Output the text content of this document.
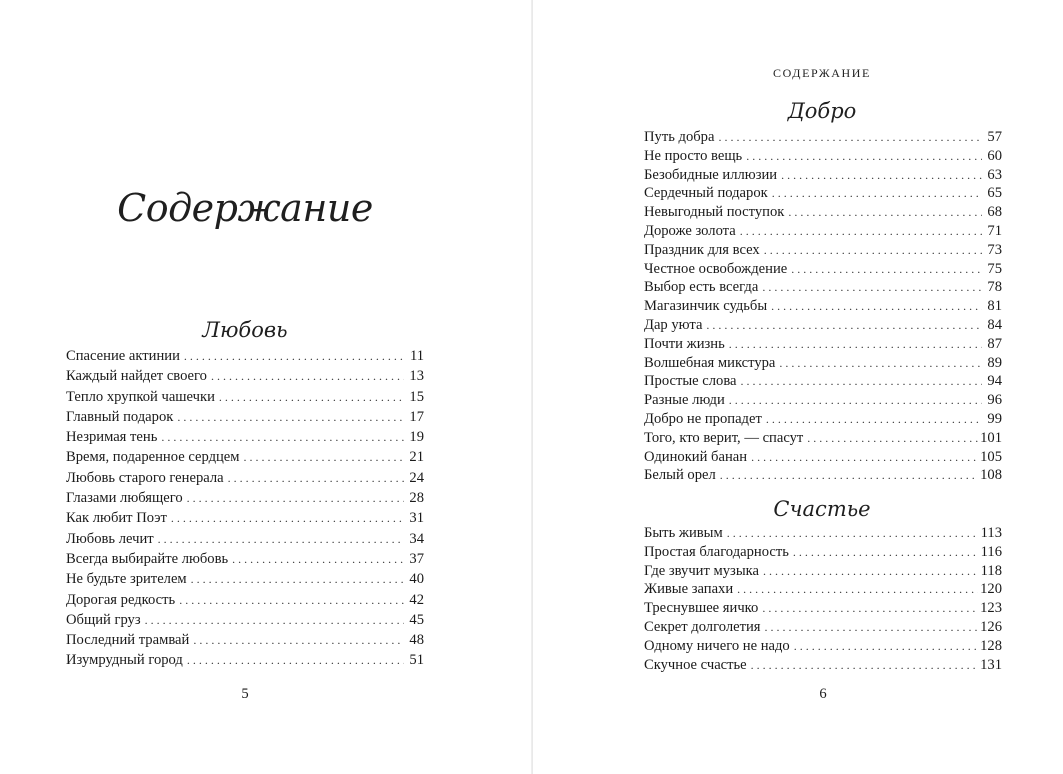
Содержание
Любовь
Спасение актинии . . .	11
Каждый найдет своего . . .	13
Тепло хрупкой чашечки . . .	15
Главный подарок . . .	17
Незримая тень . . .	19
Время, подаренное сердцем . . .	21
Любовь старого генерала . . .	24
Глазами любящего . . .	28
Как любит Поэт . . .	31
Любовь лечит . . .	34
Всегда выбирайте любовь . . .	37
Не будьте зрителем . . .	40
Дорогая редкость . . .	42
Общий груз . . .	45
Последний трамвай . . .	48
Изумрудный город . . .	51
5
СОДЕРЖАНИЕ
Добро
Путь добра . . .	57
Не просто вещь . . .	60
Безобидные иллюзии . . .	63
Сердечный подарок . . .	65
Невыгодный поступок . . .	68
Дороже золота . . .	71
Праздник для всех . . .	73
Честное освобождение . . .	75
Выбор есть всегда . . .	78
Магазинчик судьбы . . .	81
Дар уюта . . .	84
Почти жизнь . . .	87
Волшебная микстура . . .	89
Простые слова . . .	94
Разные люди . . .	96
Добро не пропадет . . .	99
Того, кто верит, — спасут . . .	101
Одинокий банан . . .	105
Белый орел . . .	108
Счастье
Быть живым . . .	113
Простая благодарность . . .	116
Где звучит музыка . . .	118
Живые запахи . . .	120
Треснувшее яичко . . .	123
Секрет долголетия . . .	126
Одному ничего не надо . . .	128
Скучное счастье . . .	131
6
